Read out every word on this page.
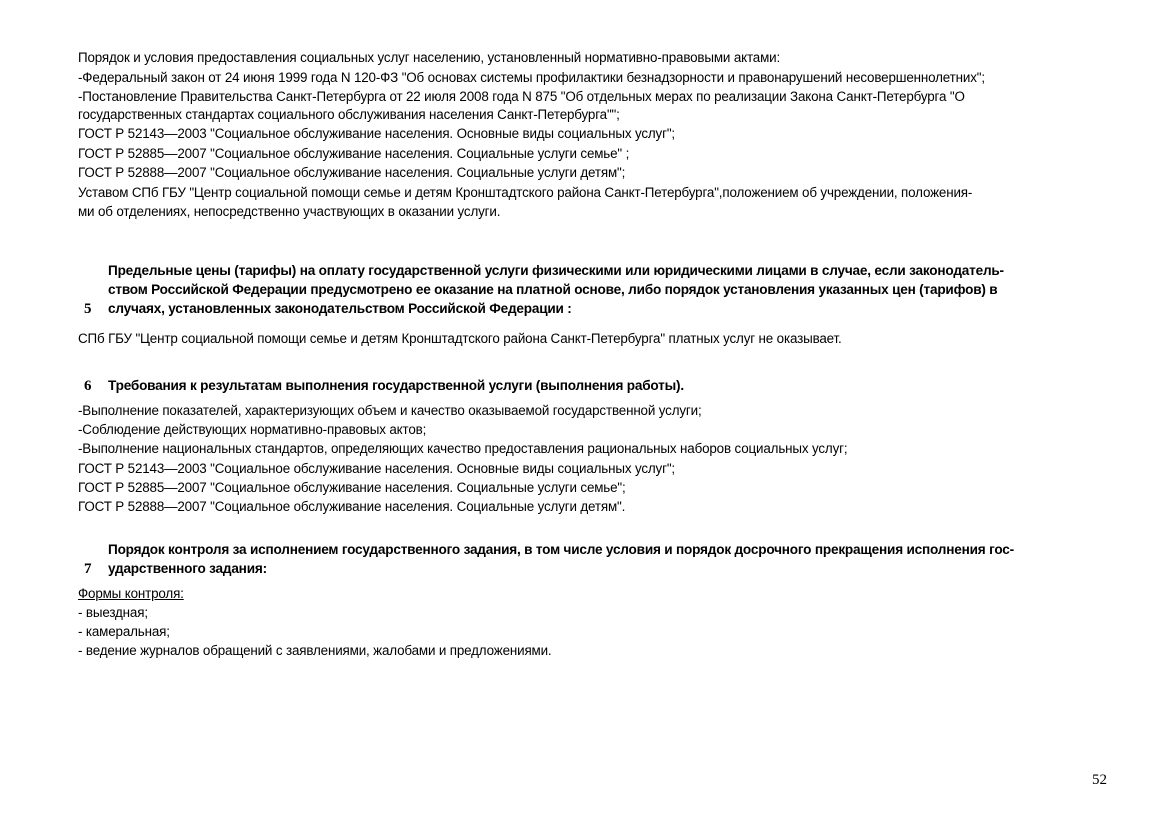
Порядок и условия предоставления социальных услуг населению, установленный нормативно-правовыми актами:
-Федеральный закон от 24 июня 1999 года N 120-ФЗ "Об основах системы профилактики безнадзорности и правонарушений несовершеннолетних";
-Постановление Правительства Санкт-Петербурга от 22 июля 2008 года N 875 "Об отдельных мерах по реализации Закона Санкт-Петербурга "О
государственных стандартах социального обслуживания населения Санкт-Петербурга"";
ГОСТ Р 52143—2003 "Социальное обслуживание населения. Основные виды социальных услуг";
ГОСТ Р 52885—2007 "Социальное обслуживание населения. Социальные услуги семье" ;
ГОСТ Р 52888—2007 "Социальное обслуживание населения. Социальные услуги детям";
Уставом СПб ГБУ "Центр социальной помощи семье и детям Кронштадтского района Санкт-Петербурга",положением об учреждении, положения-
ми об отделениях, непосредственно участвующих в оказании услуги.
Предельные цены (тарифы) на оплату государственной услуги физическими или юридическими лицами в случае, если законодатель-
ством Российской Федерации предусмотрено ее оказание на платной основе, либо порядок установления указанных цен (тарифов) в
5 случаях, установленных законодательством Российской Федерации :
СПб ГБУ "Центр социальной помощи семье и детям Кронштадтского района Санкт-Петербурга" платных услуг не оказывает.
6 Требования к результатам выполнения государственной услуги (выполнения работы).
-Выполнение показателей, характеризующих объем и качество оказываемой государственной услуги;
-Соблюдение действующих нормативно-правовых актов;
-Выполнение национальных стандартов, определяющих качество предоставления рациональных наборов социальных услуг;
ГОСТ Р 52143—2003 "Социальное обслуживание населения. Основные виды социальных услуг";
ГОСТ Р 52885—2007 "Социальное обслуживание населения. Социальные услуги семье";
ГОСТ Р 52888—2007 "Социальное обслуживание населения. Социальные услуги детям".
Порядок контроля за исполнением государственного задания, в том числе условия и порядок досрочного прекращения исполнения гос-
7 ударственного задания:
Формы контроля:
- выездная;
- камеральная;
- ведение журналов обращений с заявлениями, жалобами и предложениями.
52
